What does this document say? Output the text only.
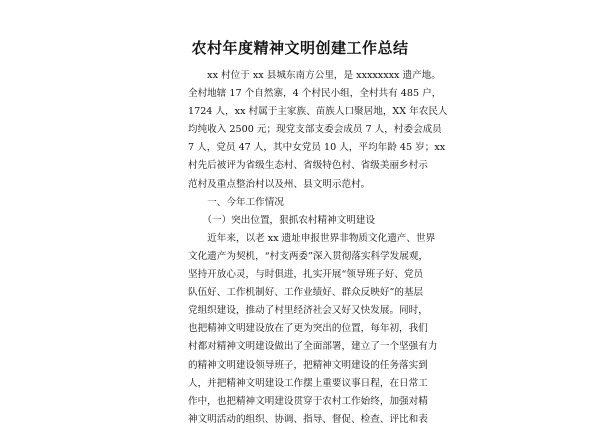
农村年度精神文明创建工作总结
　　xx 村位于 xx 县城东南方公里，是 xxxxxxxx 遗产地。
全村地辖 17 个自然寨，4 个村民小组，全村共有 485 户，
1724 人，xx 村属于主家族、苗族人口聚居地，XX 年农民人
均纯收入 2500 元；现党支部支委会成员 7 人，村委会成员
7 人，党员 47 人，其中女党员 10 人，平均年龄 45 岁；xx
村先后被评为省级生态村、省级特色村、省级美丽乡村示
范村及重点整治村以及州、县文明示范村。
　　一、今年工作情况
　　（一）突出位置，狠抓农村精神文明建设
　　近年来，以老 xx 遗址申报世界非物质文化遗产、世界
文化遗产为契机，“村支两委”深入贯彻落实科学发展观，
坚持开放心灵，与时俱进，扎实开展“领导班子好、党员
队伍好、工作机制好、工作业绩好、群众反映好”的基层
党组织建设，推动了村里经济社会又好又快发展。同时，
也把精神文明建设放在了更为突出的位置，每年初，我们
村都对精神文明建设做出了全面部署，建立了一个坚强有力
的精神文明建设领导班子，把精神文明建设的任务落实到
人，并把精神文明建设工作摆上重要议事日程，在日常工
作中，也把精神文明建设贯穿于农村工作始终，加强对精
神文明活动的组织、协调、指导、督促、检查、评比和表
